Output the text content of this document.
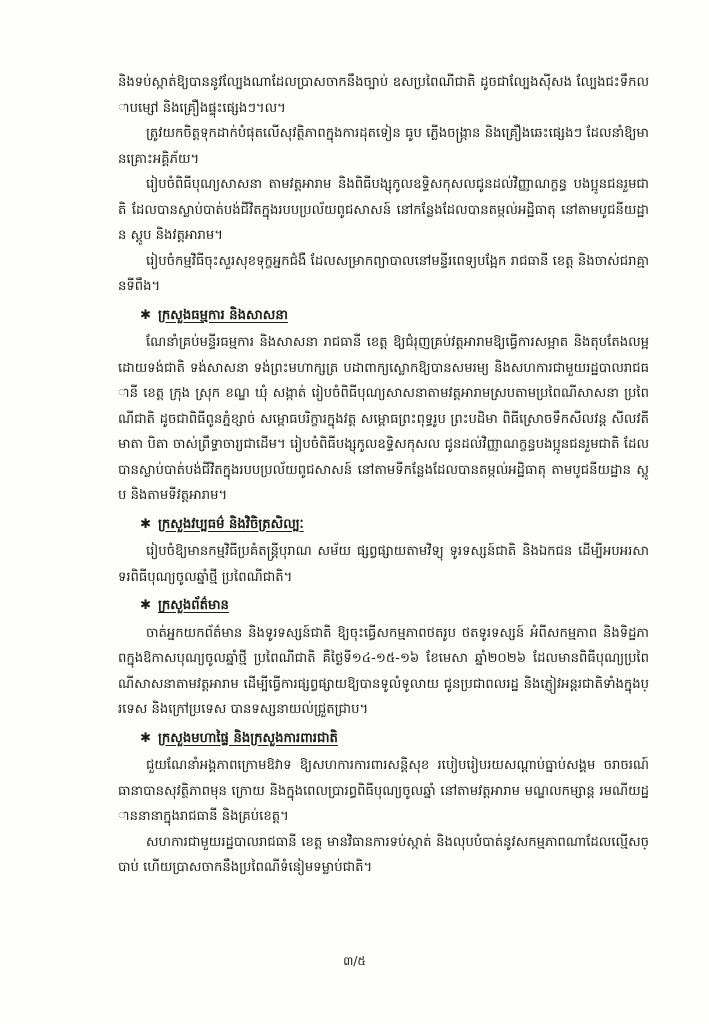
និងទប់ស្កាត់ឱ្យបាននូវល្បែងណាដែលប្រាសចាកនឹងច្បាប់ ឧសប្រពៃណីជាតិ ដូចជាល្បែងស៊ីសង ល្បែងជះទឹកលាបម្សៅ និងគ្រឿងផ្ទុះផ្សេងៗ។ល។

ត្រូវយកចិត្តទុកដាក់បំផុតលើសុវត្ថិភាពក្នុងការដុតទៀន ធូប ភ្លើងចង្ក្រាន និងគ្រឿងឆេះផ្សេងៗ ដែលនាំឱ្យមានគ្រោះអគ្គិភ័យ។

រៀបចំពិធីបុណ្យសាសនា តាមវត្តអារាម និងពិធីបង្សុកូលឧទ្ទិសកុសលជូនដល់វិញ្ញាណក្ខន្ធ បងប្អូនជនរួមជាតិ ដែលបានស្លាប់បាត់បង់ជីវិតក្នុងរបបប្រល័យពូជសាសន៍ នៅកន្លែងដែលបានតម្កល់អដ្ឋិធាតុ នៅតាមបូជនីយដ្ឋាន ស្តូប និងវត្តអារាម។

រៀបចំកម្មវិធីចុះសួរសុខទុក្ខអ្នកជំងឺ ដែលសម្រាកព្យាបាលនៅមន្ទីរពេទ្យបង្អែក រាជធានី ខេត្ត និងចាស់ជរាគ្មានទីពឹង។

✱ ក្រសួងធម្មការ និងសាសនា

ណែនាំគ្រប់មន្ទីរធម្មការ និងសាសនា រាជធានី ខេត្ត ឱ្យជំរុញគ្រប់វត្តអារាមឱ្យធ្វើការសម្អាត និងតុបតែងលម្អដោយទង់ជាតិ ទង់សាសនា ទង់ព្រះមហាក្សត្រ បដាពាក្យស្លោកឱ្យបានសមរម្យ និងសហការជាមួយរដ្ឋបាលរាជធានី ខេត្ត ក្រុង ស្រុក ខណ្ឌ ឃុំ សង្កាត់ រៀបចំពិធីបុណ្យសាសនាតាមវត្តអារាមស្របតាមប្រពៃណីសាសនា ប្រពៃណីជាតិ ដូចជាពិធីពូនភ្នំខ្សាច់ សម្ពោធបរិក្ខារក្នុងវត្ត សម្ពោធព្រះពុទ្ធរូប ព្រះបដិមា ពិធីស្រោចទឹកសីលវន្ត សីលវតី មាតា បិតា ចាស់ព្រឹទ្ធាចារ្យជាដើម។ រៀបចំពិធីបង្សុកូលឧទ្ទិសកុសល ជូនដល់វិញ្ញាណក្ខន្ធបងប្អូនជនរួមជាតិ ដែលបានស្លាប់បាត់បង់ជីវិតក្នុងរបបប្រល័យពូជសាសន៍ នៅតាមទីកន្លែងដែលបានតម្កល់អដ្ឋិធាតុ តាមបូជនីយដ្ឋាន ស្តូប និងតាមទីវត្តអារាម។

✱ ក្រសួងវប្បធម៌ និងវិចិត្រសិល្បៈ

រៀបចំឱ្យមានកម្មវិធីប្រគំតន្ត្រីបុរាណ សម័យ ផ្សព្វផ្សាយតាមវិទ្យុ ទូរទស្សន៍ជាតិ និងឯកជន ដើម្បីអបអរសាទរពិធីបុណ្យចូលឆ្នាំថ្មី ប្រពៃណីជាតិ។

✱ ក្រសួងព័ត៌មាន

ចាត់អ្នកយកព័ត៌មាន និងទូរទស្សន៍ជាតិ ឱ្យចុះធ្វើសកម្មភាពថតរូប ថតទូរទស្សន៍ អំពីសកម្មភាព និងទិដ្ឋភាពក្នុងឱកាសបុណ្យចូលឆ្នាំថ្មី ប្រពៃណីជាតិ គឺថ្ងៃទី១៤-១៥-១៦ ខែមេសា ឆ្នាំ២០២៦ ដែលមានពិធីបុណ្យប្រពៃណីសាសនាតាមវត្តអារាម ដើម្បីធ្វើការផ្សព្វផ្សាយឱ្យបានទូលំទូលាយ ជូនប្រជាពលរដ្ឋ និងភ្ញៀវអន្តរជាតិទាំងក្នុងប្រទេស និងក្រៅប្រទេស បានទស្សនាយល់ជ្រួតជ្រាប។

✱ ក្រសួងមហាផ្ទៃ និងក្រសួងការពារជាតិ

ជួយណែនាំអង្គភាពក្រោមឱវាទ ឱ្យសហការការពារសន្តិសុខ របៀបរៀបរយសណ្តាប់ធ្នាប់សង្គម ចរាចរណ៍ ធានាបានសុវត្ថិភាពមុន ក្រោយ និងក្នុងពេលប្រារព្ធពិធីបុណ្យចូលឆ្នាំ នៅតាមវត្តអារាម មណ្ឌលកម្សាន្ត រមណីយដ្ឋាននានាក្នុងរាជធានី និងគ្រប់ខេត្ត។

សហការជាមួយរដ្ឋបាលរាជធានី ខេត្ត មានវិធានការទប់ស្កាត់ និងលុបបំបាត់នូវសកម្មភាពណាដែលល្មើសច្បាប់ ហើយប្រាសចាកនឹងប្រពៃណីទំនៀមទម្លាប់ជាតិ។

៣/៥
